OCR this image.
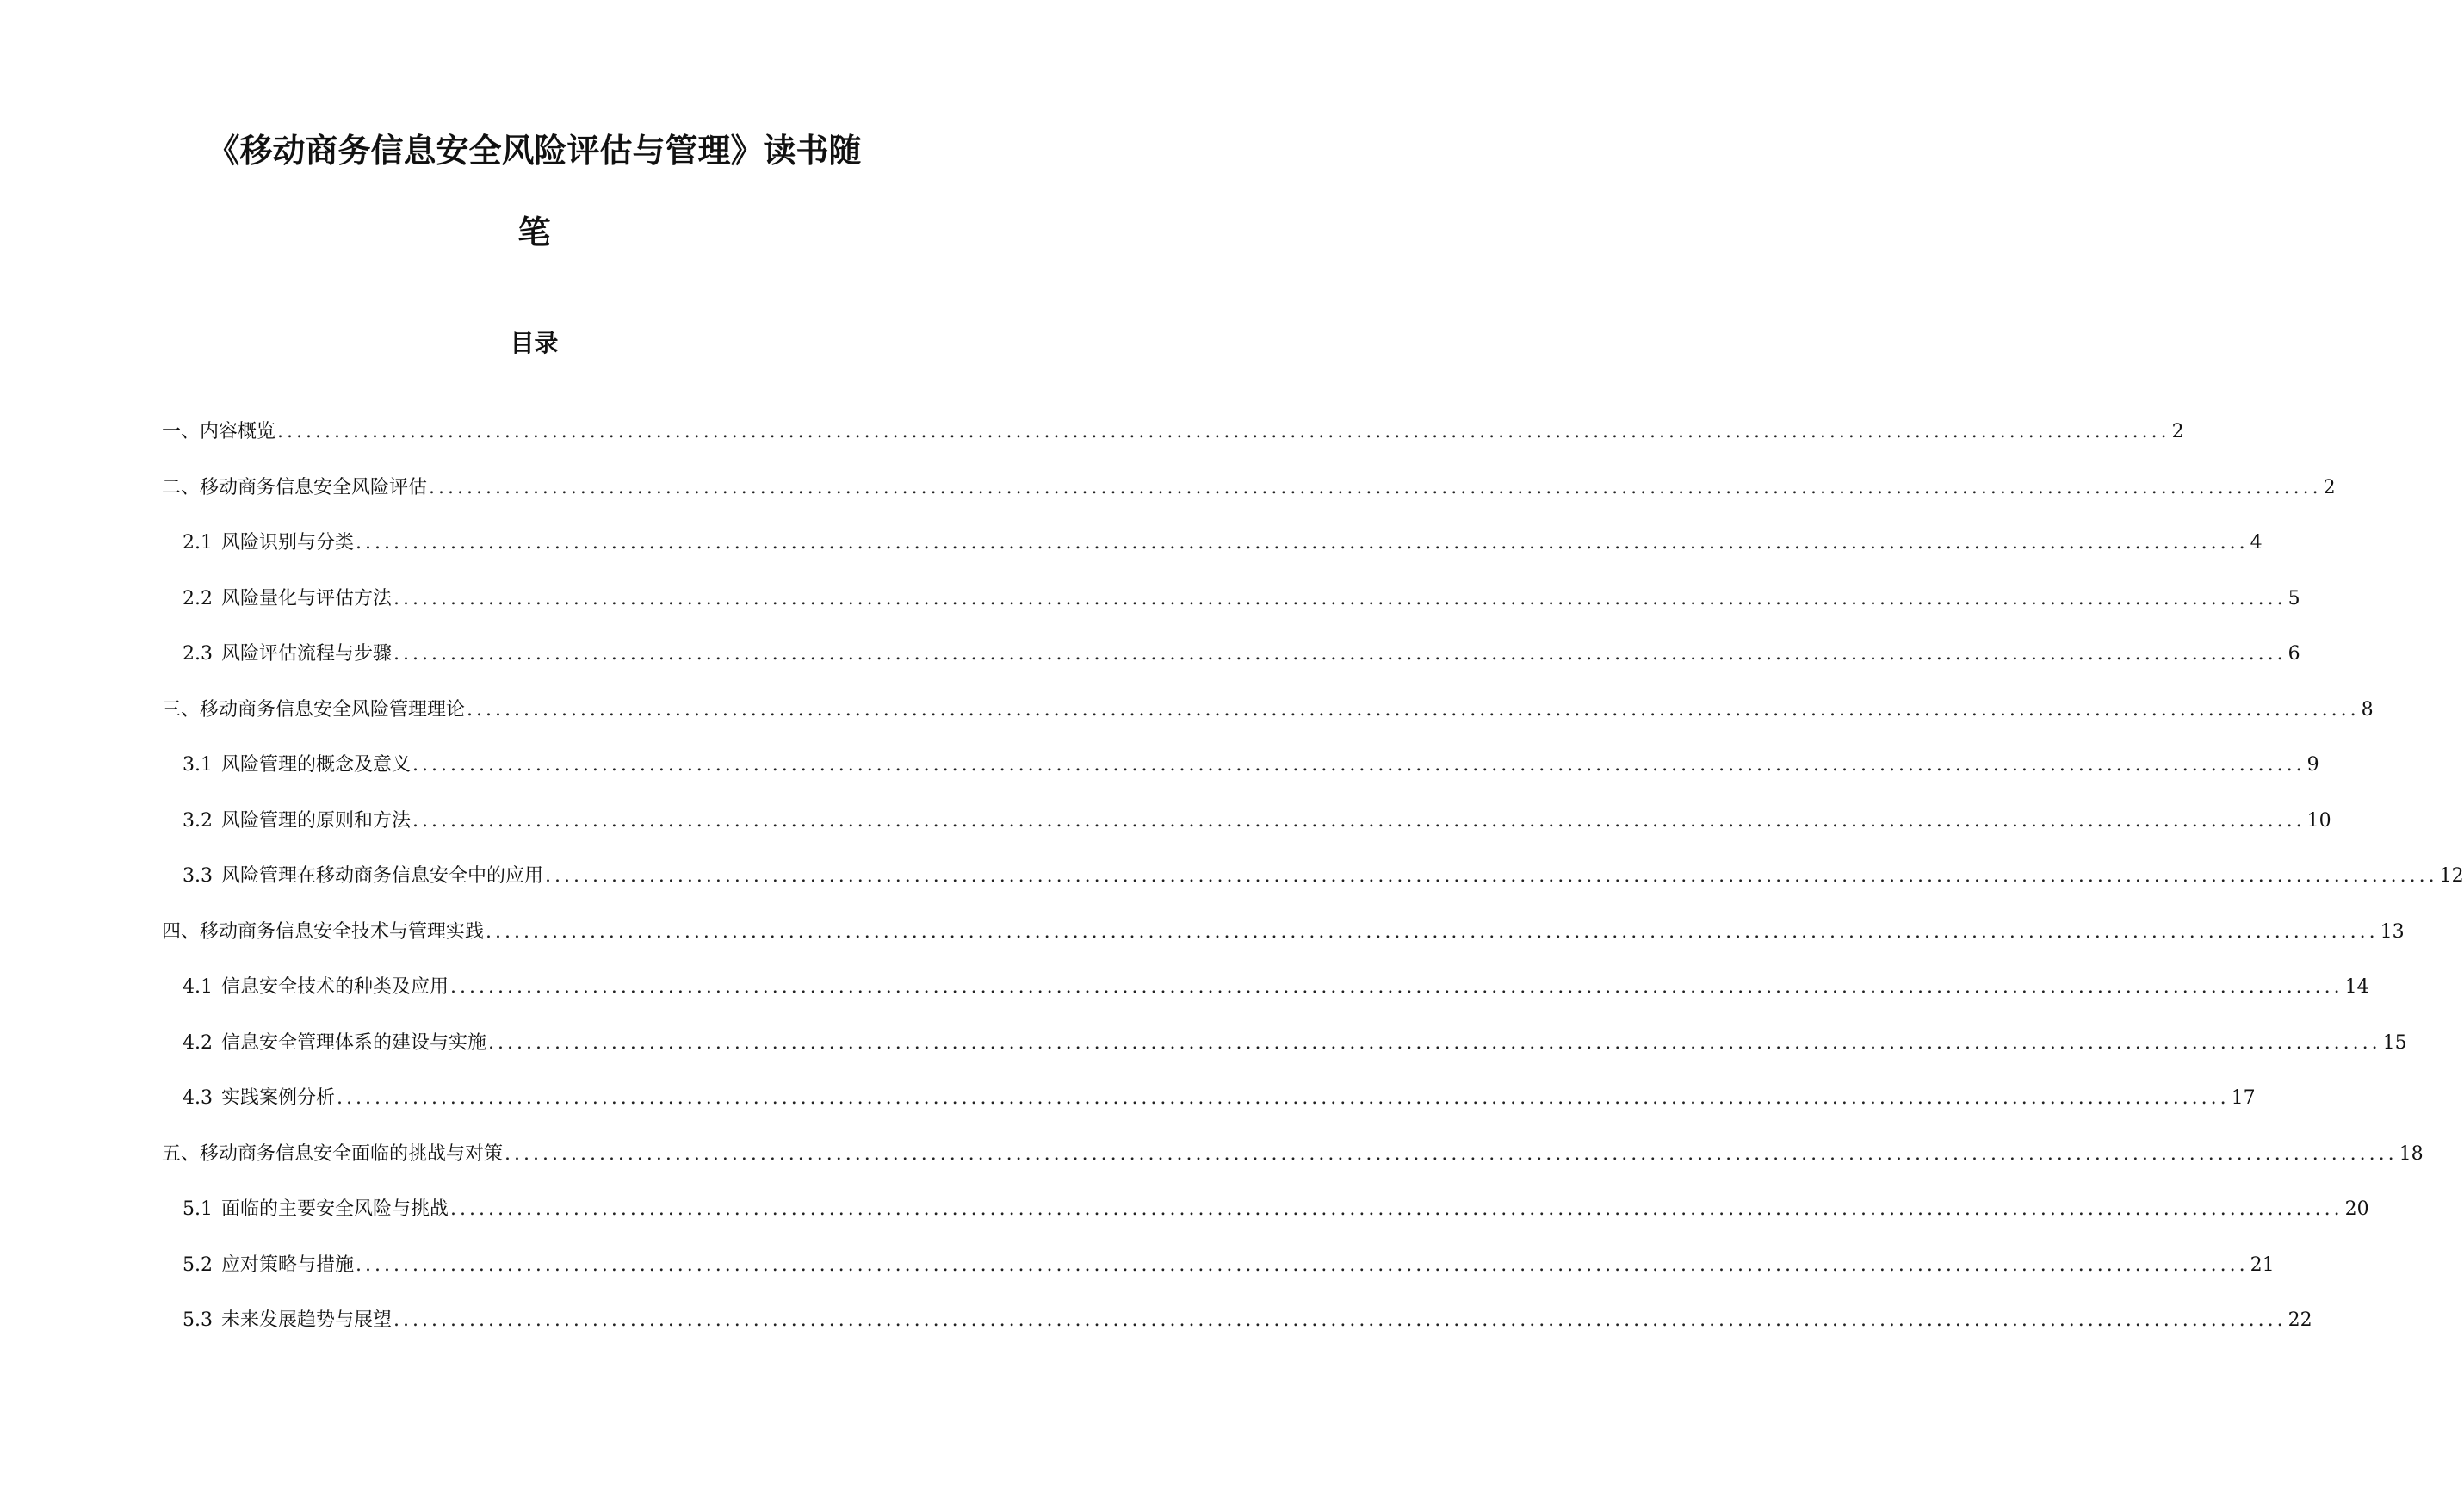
《移动商务信息安全风险评估与管理》读书随
笔
目录
一、内容概览 ........................................................................................................................................................................................................ 2
二、移动商务信息安全风险评估 ........................................................................................................................................................................................................ 2
2.1 风险识别与分类 ........................................................................................................................................................................................................ 4
2.2 风险量化与评估方法 ........................................................................................................................................................................................................ 5
2.3 风险评估流程与步骤 ........................................................................................................................................................................................................ 6
三、移动商务信息安全风险管理理论 ........................................................................................................................................................................................................ 8
3.1 风险管理的概念及意义 ........................................................................................................................................................................................................ 9
3.2 风险管理的原则和方法 ........................................................................................................................................................................................................ 10
3.3 风险管理在移动商务信息安全中的应用 ........................................................................................................................................................................................................ 12
四、移动商务信息安全技术与管理实践 ........................................................................................................................................................................................................ 13
4.1 信息安全技术的种类及应用 ........................................................................................................................................................................................................ 14
4.2 信息安全管理体系的建设与实施 ........................................................................................................................................................................................................ 15
4.3 实践案例分析 ........................................................................................................................................................................................................ 17
五、移动商务信息安全面临的挑战与对策 ........................................................................................................................................................................................................ 18
5.1 面临的主要安全风险与挑战 ........................................................................................................................................................................................................ 20
5.2 应对策略与措施 ........................................................................................................................................................................................................ 21
5.3 未来发展趋势与展望 ........................................................................................................................................................................................................ 22
